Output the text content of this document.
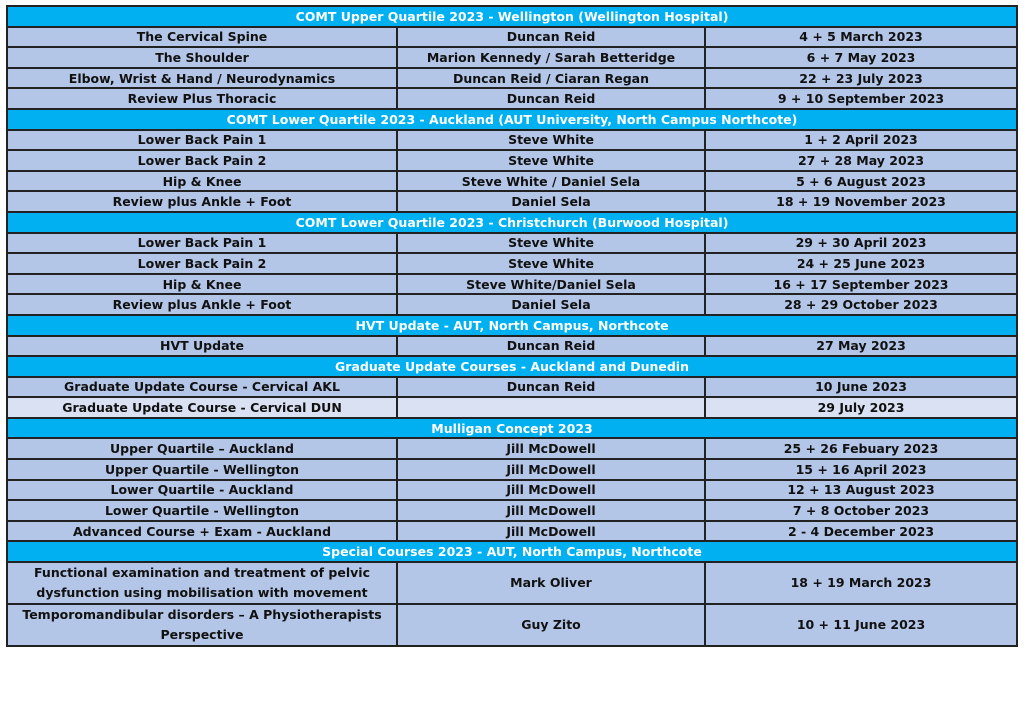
COMT Upper Quartile 2023 - Wellington (Wellington Hospital)		
The Cervical Spine	Duncan Reid	4 + 5 March 2023
The Shoulder	Marion Kennedy / Sarah Betteridge	6 + 7 May 2023
Elbow, Wrist & Hand / Neurodynamics	Duncan Reid / Ciaran Regan	22 + 23 July 2023
Review Plus Thoracic	Duncan Reid	9 + 10 September 2023
COMT Lower Quartile 2023 - Auckland (AUT University, North Campus Northcote)		
Lower Back Pain 1	Steve White	1 + 2 April 2023
Lower Back Pain 2	Steve White	27 + 28 May 2023
Hip & Knee	Steve White / Daniel Sela	5 + 6 August 2023
Review plus Ankle + Foot	Daniel Sela	18 + 19 November 2023
COMT Lower Quartile 2023 - Christchurch (Burwood Hospital)		
Lower Back Pain 1	Steve White	29 + 30 April 2023
Lower Back Pain 2	Steve White	24 + 25 June 2023
Hip & Knee	Steve White/Daniel Sela	16 + 17 September 2023
Review plus Ankle + Foot	Daniel Sela	28 + 29 October 2023
HVT Update - AUT, North Campus, Northcote		
HVT Update	Duncan Reid	27 May 2023
Graduate Update Courses - Auckland and Dunedin		
Graduate Update Course - Cervical AKL	Duncan Reid	10 June 2023
Graduate Update Course - Cervical DUN		29 July 2023
Mulligan Concept 2023		
Upper Quartile – Auckland	Jill McDowell	25 + 26 Febuary 2023
Upper Quartile - Wellington	Jill McDowell	15 + 16 April 2023
Lower Quartile - Auckland	Jill McDowell	12 + 13 August 2023
Lower Quartile - Wellington	Jill McDowell	7 + 8 October 2023
Advanced Course + Exam - Auckland	Jill McDowell	2 - 4 December 2023
Special Courses 2023 - AUT, North Campus, Northcote		
Functional examination and treatment of pelvic dysfunction using mobilisation with movement	Mark Oliver	18 + 19 March 2023
Temporomandibular disorders – A Physiotherapists Perspective	Guy Zito	10 + 11 June 2023
